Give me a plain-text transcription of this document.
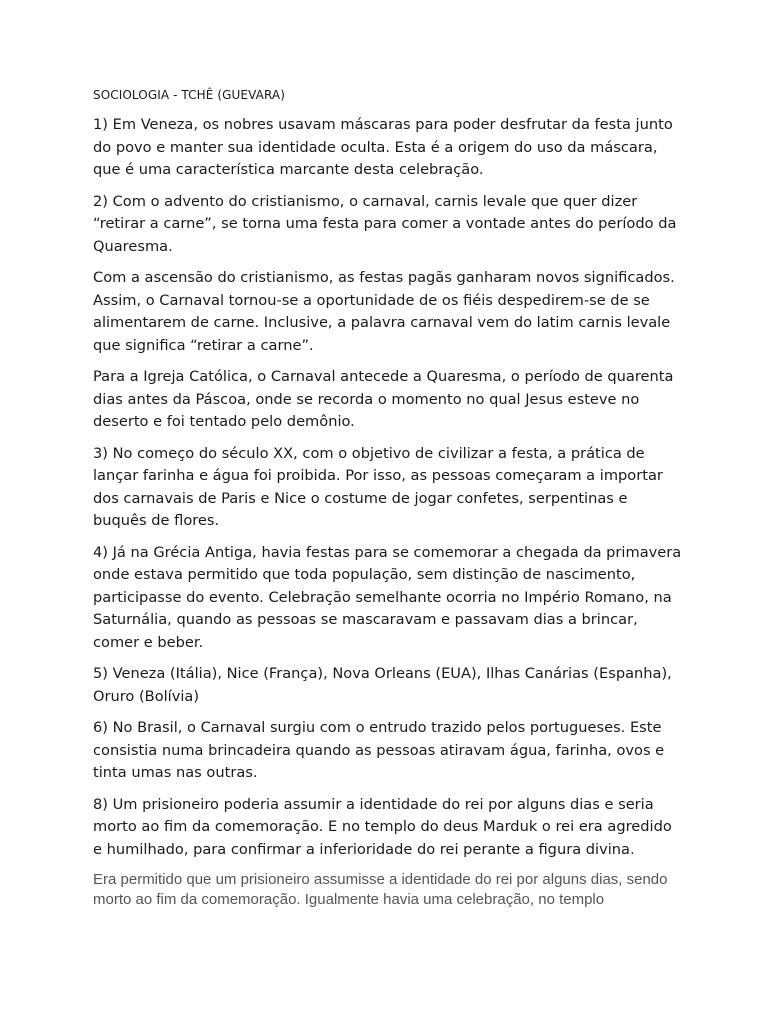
SOCIOLOGIA - TCHÊ (GUEVARA)

1) Em Veneza, os nobres usavam máscaras para poder desfrutar da festa junto do povo e manter sua identidade oculta. Esta é a origem do uso da máscara, que é uma característica marcante desta celebração.

2) Com o advento do cristianismo, o carnaval, carnis levale que quer dizer “retirar a carne”, se torna uma festa para comer a vontade antes do período da Quaresma.

Com a ascensão do cristianismo, as festas pagãs ganharam novos significados. Assim, o Carnaval tornou-se a oportunidade de os fiéis despedirem-se de se alimentarem de carne. Inclusive, a palavra carnaval vem do latim carnis levale que significa “retirar a carne”.

Para a Igreja Católica, o Carnaval antecede a Quaresma, o período de quarenta dias antes da Páscoa, onde se recorda o momento no qual Jesus esteve no deserto e foi tentado pelo demônio.

3) No começo do século XX, com o objetivo de civilizar a festa, a prática de lançar farinha e água foi proibida. Por isso, as pessoas começaram a importar dos carnavais de Paris e Nice o costume de jogar confetes, serpentinas e buquês de flores.

4) Já na Grécia Antiga, havia festas para se comemorar a chegada da primavera onde estava permitido que toda população, sem distinção de nascimento, participasse do evento. Celebração semelhante ocorria no Império Romano, na Saturnália, quando as pessoas se mascaravam e passavam dias a brincar, comer e beber.

5) Veneza (Itália), Nice (França), Nova Orleans (EUA), Ilhas Canárias (Espanha), Oruro (Bolívia)

6) No Brasil, o Carnaval surgiu com o entrudo trazido pelos portugueses. Este consistia numa brincadeira quando as pessoas atiravam água, farinha, ovos e tinta umas nas outras.

8) Um prisioneiro poderia assumir a identidade do rei por alguns dias e seria morto ao fim da comemoração. E no templo do deus Marduk o rei era agredido e humilhado, para confirmar a inferioridade do rei perante a figura divina.

Era permitido que um prisioneiro assumisse a identidade do rei por alguns dias, sendo morto ao fim da comemoração. Igualmente havia uma celebração, no templo
